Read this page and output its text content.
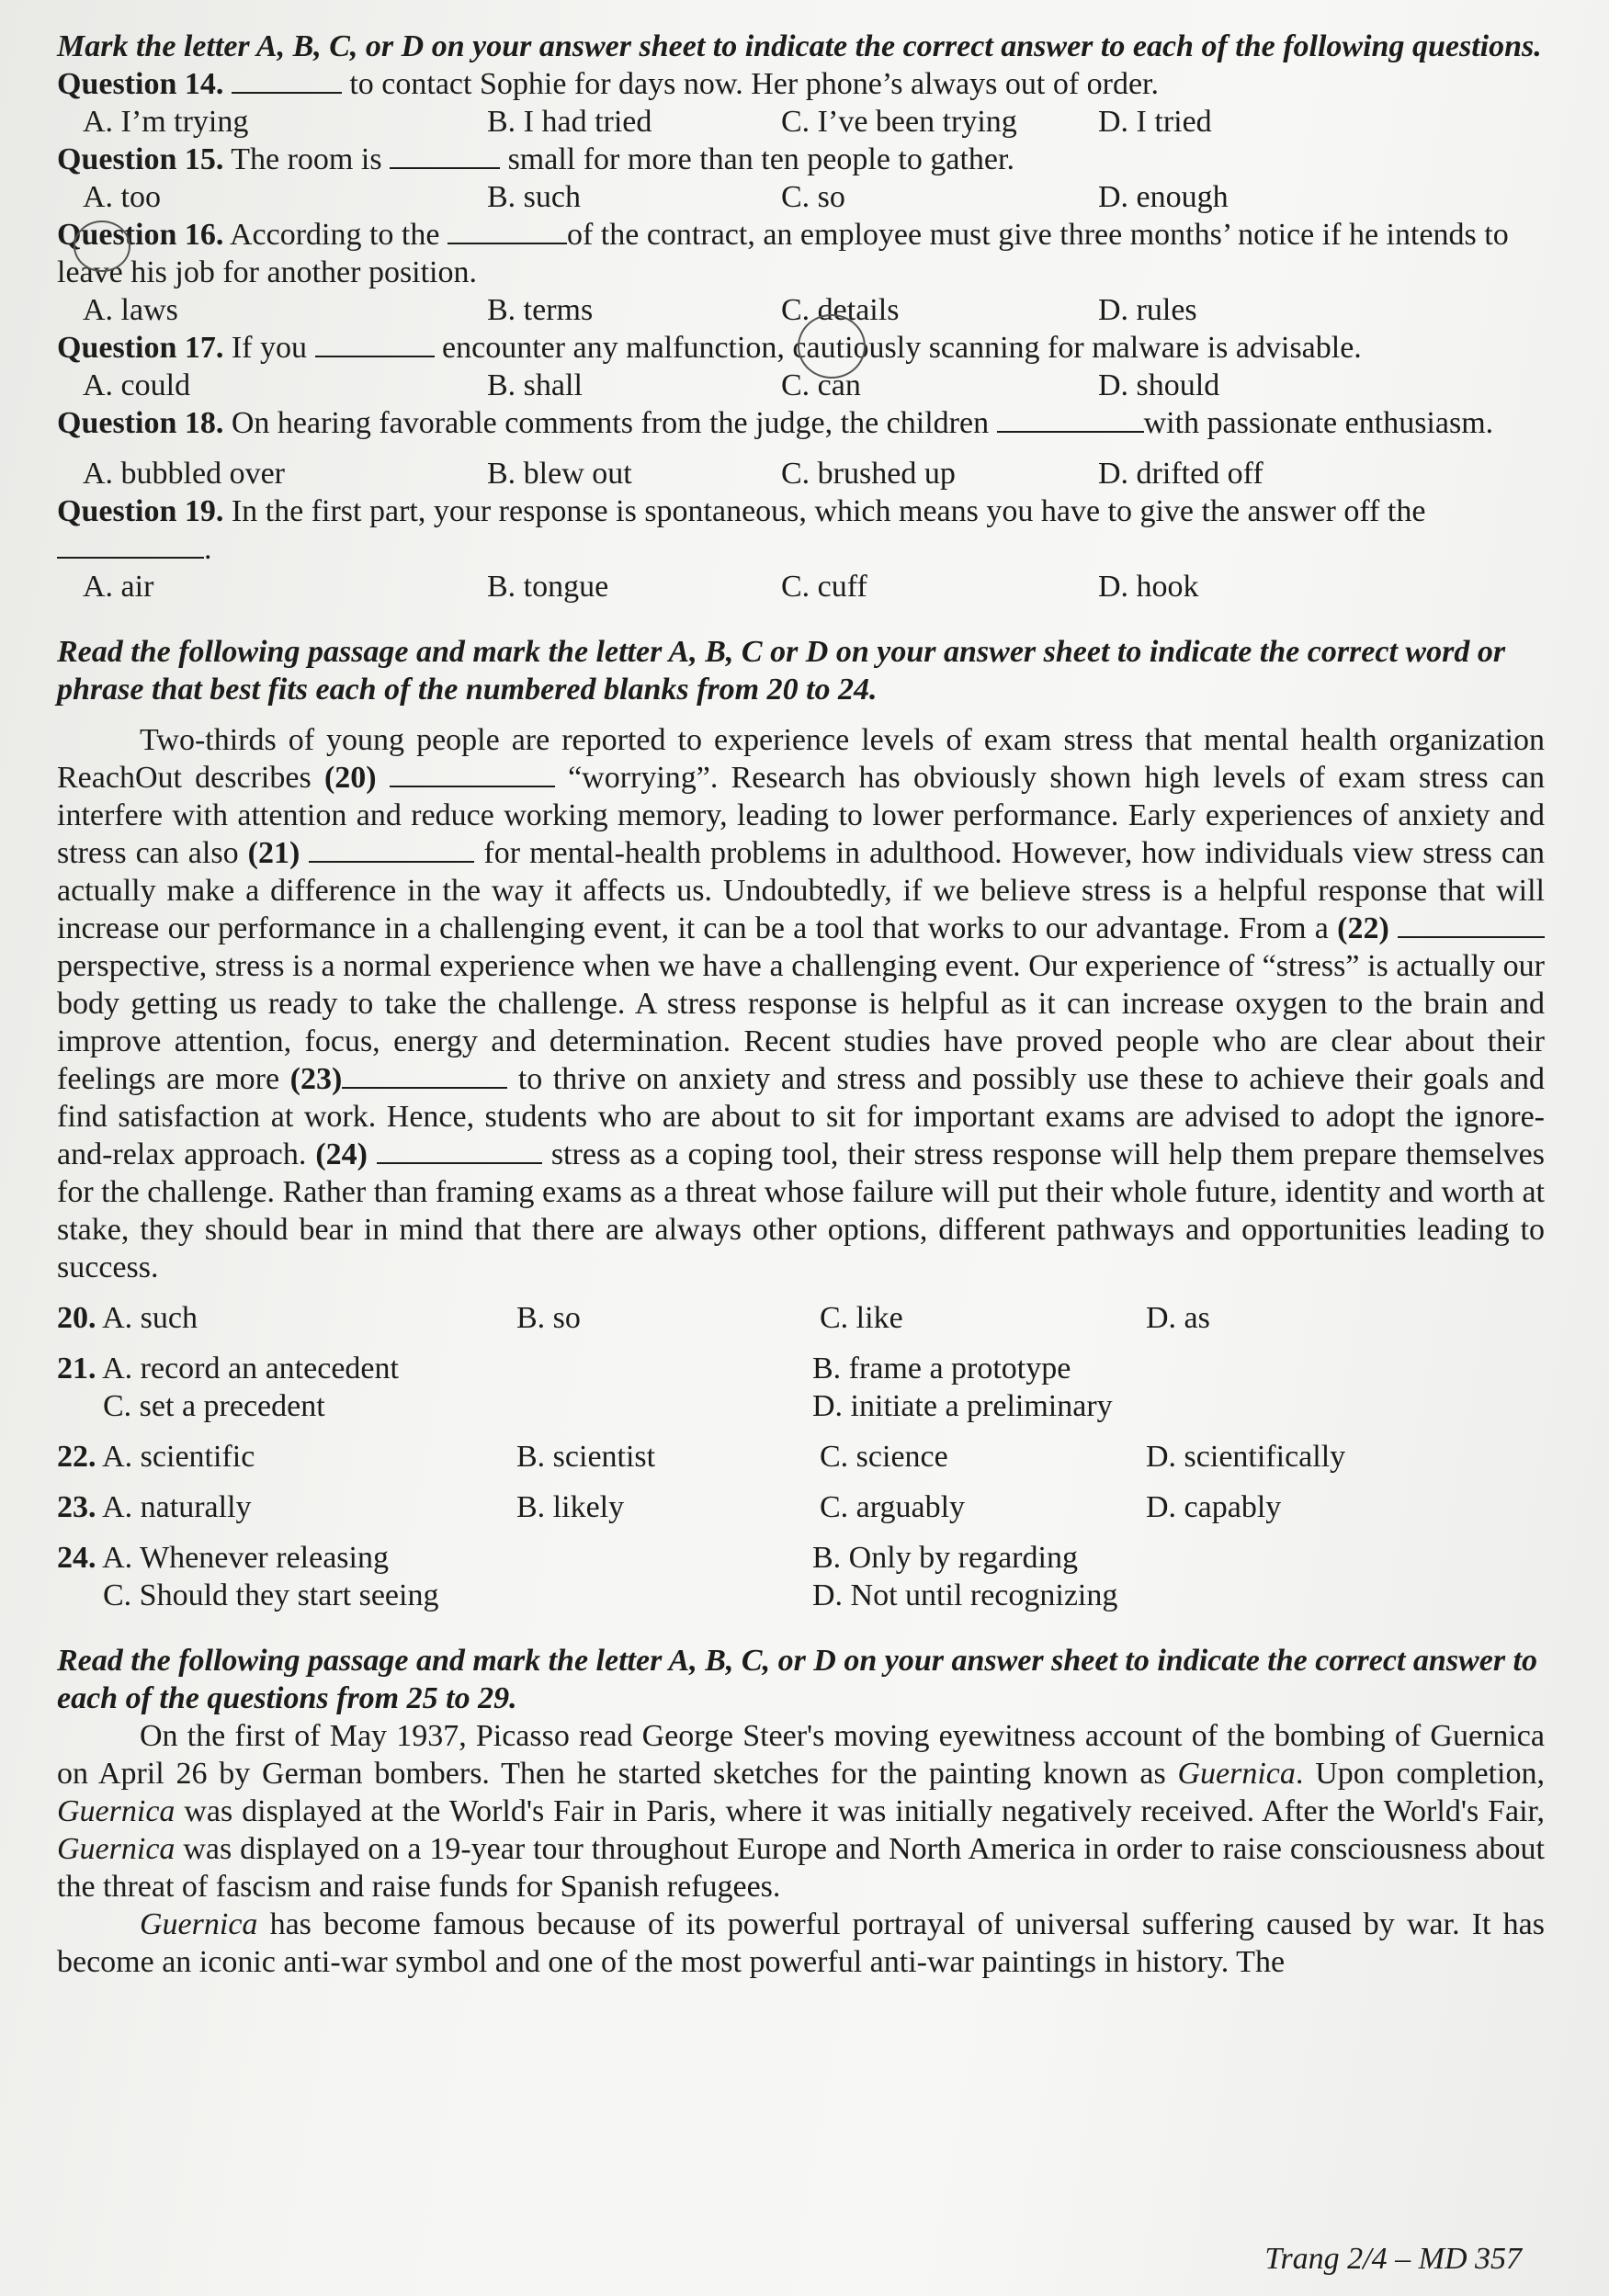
Mark the letter A, B, C, or D on your answer sheet to indicate the correct answer to each of the following questions.

Question 14.	to contact Sophie for days now. Her phone’s always out of order.

A. I’m trying	B. I had tried	C. I’ve been trying	D. I tried

Question 15. The room is	small for more than ten people to gather.

A. too	B. such	C. so	D. enough

Question 16. According to the	of the contract, an employee must give three months’ notice if he intends to leave his job for another position.

A. laws	B. terms	C. details	D. rules

Question 17. If you	encounter any malfunction, cautiously scanning for malware is advisable.

A. could	B. shall	C. can	D. should

Question 18. On hearing favorable comments from the judge, the children	with passionate enthusiasm.

A. bubbled over	B. blew out	C. brushed up	D. drifted off

Question 19. In the first part, your response is spontaneous, which means you have to give the answer off the .

A. air	B. tongue	C. cuff	D. hook

Read the following passage and mark the letter A, B, C or D on your answer sheet to indicate the correct word or phrase that best fits each of the numbered blanks from 20 to 24.

Two-thirds of young people are reported to experience levels of exam stress that mental health organization ReachOut describes (20)	“worrying”. Research has obviously shown high levels of exam stress can interfere with attention and reduce working memory, leading to lower performance. Early experiences of anxiety and stress can also (21)	for mental-health problems in adulthood. However, how individuals view stress can actually make a difference in the way it affects us. Undoubtedly, if we believe stress is a helpful response that will increase our performance in a challenging event, it can be a tool that works to our advantage. From a (22)  perspective, stress is a normal experience when we have a challenging event. Our experience of “stress” is actually our body getting us ready to take the challenge. A stress response is helpful as it can increase oxygen to the brain and improve attention, focus, energy and determination. Recent studies have proved people who are clear about their feelings are more (23)	to thrive on anxiety and stress and possibly use these to achieve their goals and find satisfaction at work. Hence, students who are about to sit for important exams are advised to adopt the ignore-and-relax approach. (24)	stress as a coping tool, their stress response will help them prepare themselves for the challenge. Rather than framing exams as a threat whose failure will put their whole future, identity and worth at stake, they should bear in mind that there are always other options, different pathways and opportunities leading to success.

20. A. such	B. so	C. like	D. as
21. A. record an antecedent	B. frame a prototype
C. set a precedent	D. initiate a preliminary
22. A. scientific	B. scientist	C. science	D. scientifically
23. A. naturally	B. likely	C. arguably	D. capably
24. A. Whenever releasing	B. Only by regarding
C. Should they start seeing	D. Not until recognizing

Read the following passage and mark the letter A, B, C, or D on your answer sheet to indicate the correct answer to each of the questions from 25 to 29.

On the first of May 1937, Picasso read George Steer's moving eyewitness account of the bombing of Guernica on April 26 by German bombers. Then he started sketches for the painting known as Guernica. Upon completion, Guernica was displayed at the World's Fair in Paris, where it was initially negatively received. After the World's Fair, Guernica was displayed on a 19-year tour throughout Europe and North America in order to raise consciousness about the threat of fascism and raise funds for Spanish refugees.

Guernica has become famous because of its powerful portrayal of universal suffering caused by war. It has become an iconic anti-war symbol and one of the most powerful anti-war paintings in history. The

Trang 2/4 – MD 357
